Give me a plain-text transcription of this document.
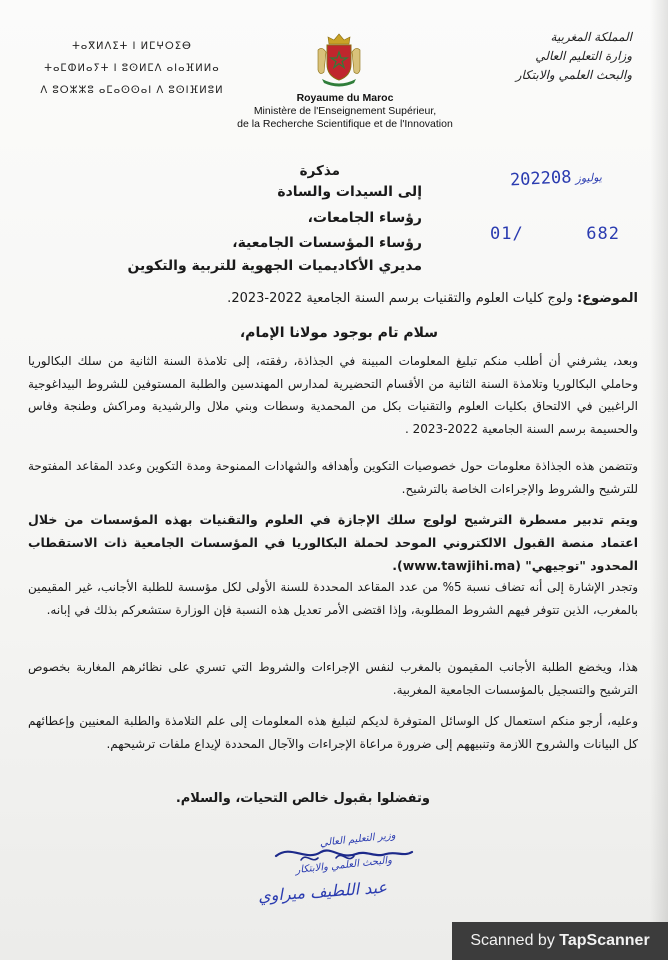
ⵜⴰⴳⵍⴷⵉⵜ ⵏ ⵍⵎⵖⵔⵉⴱ
ⵜⴰⵎⵀⵍⴰⵢⵜ ⵏ ⵓⵙⵍⵎⴷ ⴰⵏⴰⴼⵍⵍⴰ
ⴷ ⵓⵔⵣⵣⵓ ⴰⵎⴰⵙⵙⴰⵏ ⴷ ⵓⵙⵏⴼⵍⵓⵍ
المملكة المغربية
وزارة التعليم العالي
والبحث العلمي والابتكار
Royaume du Maroc
Ministère de l'Enseignement Supérieur,
de la Recherche Scientifique et de l'Innovation
مذكرة
إلى السيدات والسادة
رؤساء الجامعات،
رؤساء المؤسسات الجامعية،
مديري الأكاديميات الجهوية للتربية والتكوين
2022 يوليوز08
01/	682
الموضوع: ولوج كليات العلوم والتقنيات برسم السنة الجامعية 2022-2023.
سلام تام بوجود مولانا الإمام،
وبعد، يشرفني أن أطلب منكم تبليغ المعلومات المبينة في الجذاذة، رفقته، إلى تلامذة السنة الثانية من سلك البكالوريا وحاملي البكالوريا وتلامذة السنة الثانية من الأقسام التحضيرية لمدارس المهندسين والطلبة المستوفين للشروط البيداغوجية الراغبين في الالتحاق بكليات العلوم والتقنيات بكل من المحمدية وسطات وبني ملال والرشيدية ومراكش وطنجة وفاس والحسيمة برسم السنة الجامعية 2022-2023 .
وتتضمن هذه الجذاذة معلومات حول خصوصيات التكوين وأهدافه والشهادات الممنوحة ومدة التكوين وعدد المقاعد المفتوحة للترشيح والشروط والإجراءات الخاصة بالترشيح.
ويتم تدبير مسطرة الترشيح لولوج سلك الإجازة في العلوم والتقنيات بهذه المؤسسات من خلال اعتماد منصة القبول الالكتروني الموحد لحملة البكالوريا في المؤسسات الجامعية ذات الاستقطاب المحدود "توجيهي" (www.tawjihi.ma).
وتجدر الإشارة إلى أنه تضاف نسبة 5% من عدد المقاعد المحددة للسنة الأولى لكل مؤسسة للطلبة الأجانب، غير المقيمين بالمغرب، الذين تتوفر فيهم الشروط المطلوبة، وإذا اقتضى الأمر تعديل هذه النسبة فإن الوزارة ستشعركم بذلك في إبانه.
هذا، ويخضع الطلبة الأجانب المقيمون بالمغرب لنفس الإجراءات والشروط التي تسري على نظائرهم المغاربة بخصوص الترشيح والتسجيل بالمؤسسات الجامعية المغربية.
وعليه، أرجو منكم استعمال كل الوسائل المتوفرة لديكم لتبليغ هذه المعلومات إلى علم التلامذة والطلبة المعنيين وإعطائهم كل البيانات والشروح اللازمة وتنبيههم إلى ضرورة مراعاة الإجراءات والآجال المحددة لإيداع ملفات ترشيحهم.
وتفضلوا بقبول خالص التحيات، والسلام.
وزير التعليم العالي
والبحث العلمي والابتكار
عبد اللطيف ميراوي
Scanned by TapScanner
